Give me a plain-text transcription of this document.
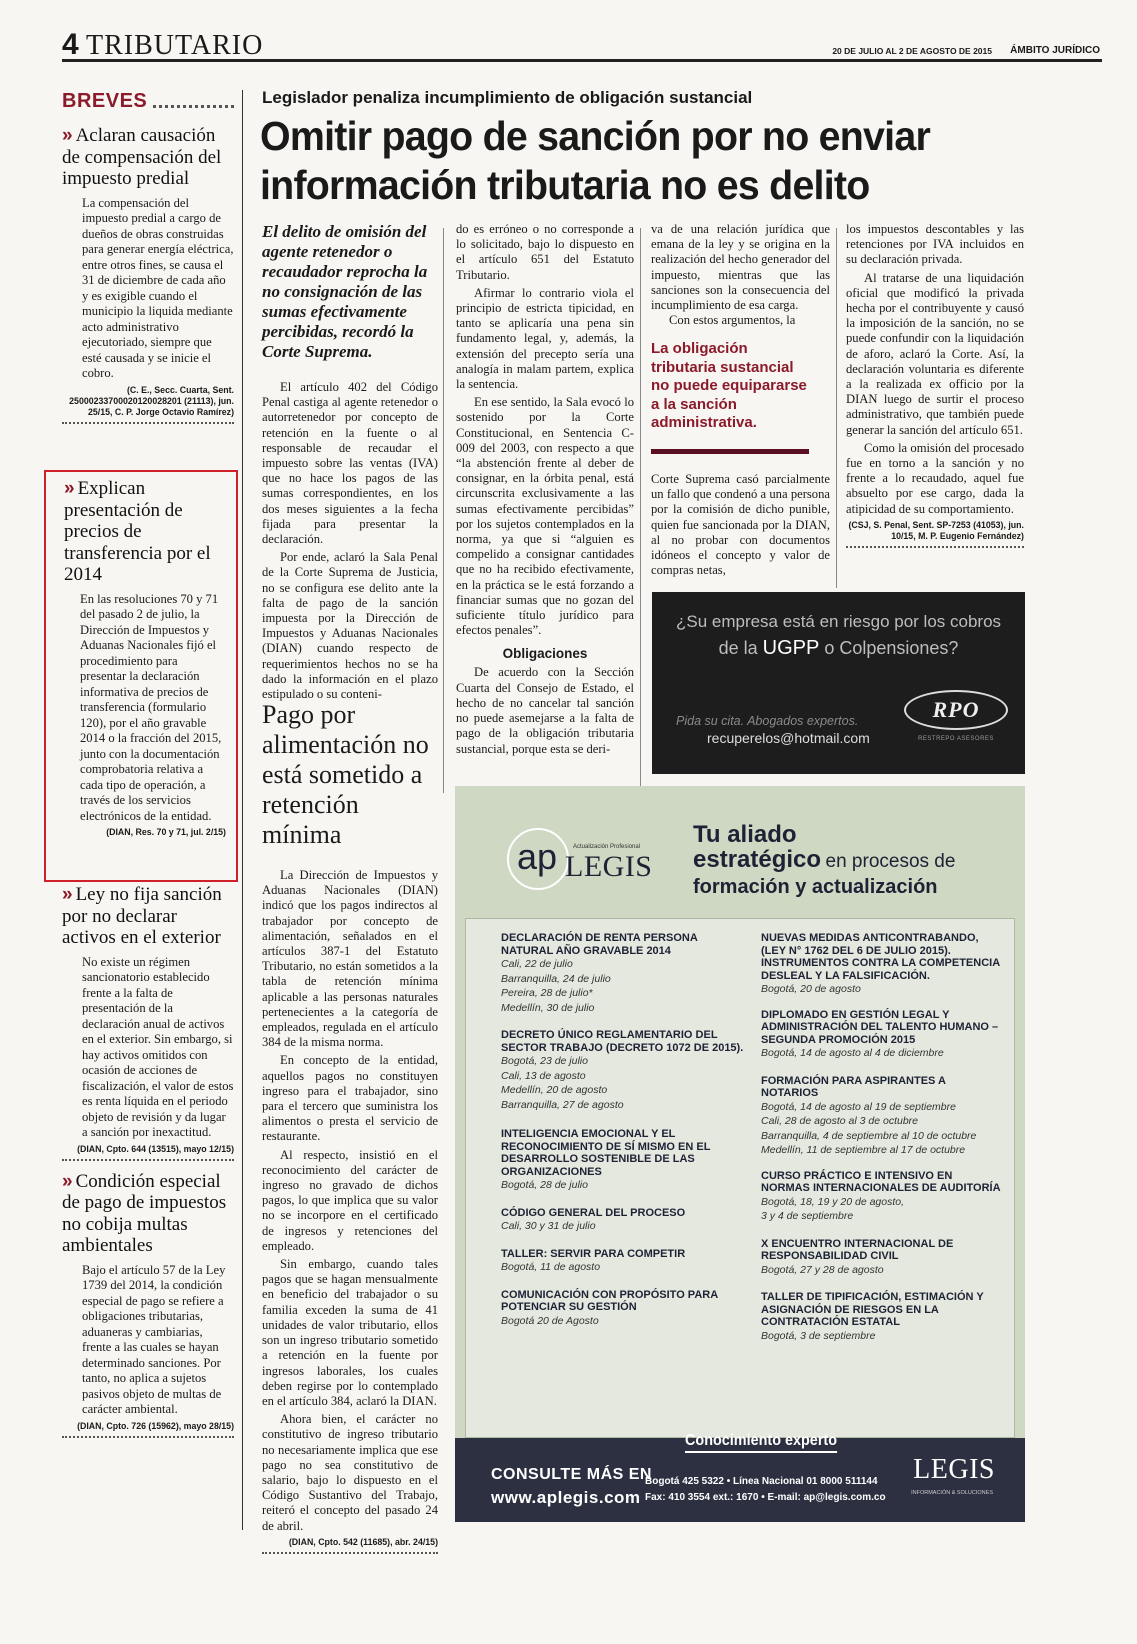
4 TRIBUTARIO	20 DE JULIO AL 2 DE AGOSTO DE 2015 ÁMBITO JURÍDICO
BREVES
» Aclaran causación de compensación del impuesto predial

La compensación del impuesto predial a cargo de dueños de obras construidas para generar energía eléctrica, entre otros fines, se causa el 31 de diciembre de cada año y es exigible cuando el municipio la liquida mediante acto administrativo ejecutoriado, siempre que esté causada y se inicie el cobro.

(C. E., Secc. Cuarta, Sent. 25000233700020120028201 (21113), jun. 25/15, C. P. Jorge Octavio Ramírez)
» Explican presentación de precios de transferencia por el 2014

En las resoluciones 70 y 71 del pasado 2 de julio, la Dirección de Impuestos y Aduanas Nacionales fijó el procedimiento para presentar la declaración informativa de precios de transferencia (formulario 120), por el año gravable 2014 o la fracción del 2015, junto con la documentación comprobatoria relativa a cada tipo de operación, a través de los servicios electrónicos de la entidad.

(DIAN, Res. 70 y 71, jul. 2/15)
» Ley no fija sanción por no declarar activos en el exterior

No existe un régimen sancionatorio establecido frente a la falta de presentación de la declaración anual de activos en el exterior. Sin embargo, si hay activos omitidos con ocasión de acciones de fiscalización, el valor de estos es renta líquida en el periodo objeto de revisión y da lugar a sanción por inexactitud.

(DIAN, Cpto. 644 (13515), mayo 12/15)
» Condición especial de pago de impuestos no cobija multas ambientales

Bajo el artículo 57 de la Ley 1739 del 2014, la condición especial de pago se refiere a obligaciones tributarias, aduaneras y cambiarias, frente a las cuales se hayan determinado sanciones. Por tanto, no aplica a sujetos pasivos objeto de multas de carácter ambiental.

(DIAN, Cpto. 726 (15962), mayo 28/15)
Legislador penaliza incumplimiento de obligación sustancial
Omitir pago de sanción por no enviar información tributaria no es delito

El delito de omisión del agente retenedor o recaudador reprocha la no consignación de las sumas efectivamente percibidas, recordó la Corte Suprema.

El artículo 402 del Código Penal castiga al agente retenedor o autorretenedor por concepto de retención en la fuente o al responsable de recaudar el impuesto sobre las ventas (IVA) que no hace los pagos de las sumas correspondientes, en los dos meses siguientes a la fecha fijada para presentar la declaración.

Por ende, aclaró la Sala Penal de la Corte Suprema de Justicia, no se configura ese delito ante la falta de pago de la sanción impuesta por la Dirección de Impuestos y Aduanas Nacionales (DIAN) cuando respecto de requerimientos hechos no se ha dado la información en el plazo estipulado o su conteni-

do es erróneo o no corresponde a lo solicitado, bajo lo dispuesto en el artículo 651 del Estatuto Tributario.

Afirmar lo contrario viola el principio de estricta tipicidad, en tanto se aplicaría una pena sin fundamento legal, y, además, la extensión del precepto sería una analogía in malam partem, explica la sentencia.

En ese sentido, la Sala evocó lo sostenido por la Corte Constitucional, en Sentencia C-009 del 2003, con respecto a que “la abstención frente al deber de consignar, en la órbita penal, está circunscrita exclusivamente a las sumas efectivamente percibidas” por los sujetos contemplados en la norma, ya que si “alguien es compelido a consignar cantidades que no ha recibido efectivamente, en la práctica se le está forzando a financiar sumas que no gozan del suficiente título jurídico para efectos penales”.

Obligaciones

De acuerdo con la Sección Cuarta del Consejo de Estado, el hecho de no cancelar tal sanción no puede asemejarse a la falta de pago de la obligación tributaria sustancial, porque esta se deri-

va de una relación jurídica que emana de la ley y se origina en la realización del hecho generador del impuesto, mientras que las sanciones son la consecuencia del incumplimiento de esa carga.

Con estos argumentos, la

La obligación tributaria sustancial no puede equipararse a la sanción administrativa.

Corte Suprema casó parcialmente un fallo que condenó a una persona por la comisión de dicho punible, quien fue sancionada por la DIAN, al no probar con documentos idóneos el concepto y valor de compras netas,

los impuestos descontables y las retenciones por IVA incluidos en su declaración privada.

Al tratarse de una liquidación oficial que modificó la privada hecha por el contribuyente y causó la imposición de la sanción, no se puede confundir con la liquidación de aforo, aclaró la Corte. Así, la declaración voluntaria es diferente a la realizada ex officio por la DIAN luego de surtir el proceso administrativo, que también puede generar la sanción del artículo 651.

Como la omisión del procesado fue en torno a la sanción y no frente a lo recaudado, aquel fue absuelto por ese cargo, dada la atipicidad de su comportamiento.

(CSJ, S. Penal, Sent. SP-7253 (41053), jun. 10/15, M. P. Eugenio Fernández)
Pago por alimentación no está sometido a retención mínima

La Dirección de Impuestos y Aduanas Nacionales (DIAN) indicó que los pagos indirectos al trabajador por concepto de alimentación, señalados en el artículos 387-1 del Estatuto Tributario, no están sometidos a la tabla de retención mínima aplicable a las personas naturales pertenecientes a la categoría de empleados, regulada en el artículo 384 de la misma norma.

En concepto de la entidad, aquellos pagos no constituyen ingreso para el trabajador, sino para el tercero que suministra los alimentos o presta el servicio de restaurante.

Al respecto, insistió en el reconocimiento del carácter de ingreso no gravado de dichos pagos, lo que implica que su valor no se incorpore en el certificado de ingresos y retenciones del empleado.

Sin embargo, cuando tales pagos que se hagan mensualmente en beneficio del trabajador o su familia exceden la suma de 41 unidades de valor tributario, ellos son un ingreso tributario sometido a retención en la fuente por ingresos laborales, los cuales deben regirse por lo contemplado en el artículo 384, aclaró la DIAN.

Ahora bien, el carácter no constitutivo de ingreso tributario no necesariamente implica que ese pago no sea constitutivo de salario, bajo lo dispuesto en el Código Sustantivo del Trabajo, reiteró el concepto del pasado 24 de abril.

(DIAN, Cpto. 542 (11685), abr. 24/15)
¿Su empresa está en riesgo por los cobros
de la UGPP o Colpensiones?
Pida su cita. Abogados expertos.
recuperelos@hotmail.com
RPO
RESTREPO ASESORES
ap	Actualización Profesional
LEGIS
Tu aliado
estratégico en procesos de
formación y actualización
DECLARACIÓN DE RENTA PERSONA NATURAL AÑO GRAVABLE 2014
Cali, 22 de julio
Barranquilla, 24 de julio
Pereira, 28 de julio*
Medellín, 30 de julio
DECRETO ÚNICO REGLAMENTARIO DEL SECTOR TRABAJO (DECRETO 1072 DE 2015).
Bogotá, 23 de julio
Cali, 13 de agosto
Medellín, 20 de agosto
Barranquilla, 27 de agosto
INTELIGENCIA EMOCIONAL Y EL RECONOCIMIENTO DE SÍ MISMO EN EL DESARROLLO SOSTENIBLE DE LAS ORGANIZACIONES
Bogotá, 28 de julio
CÓDIGO GENERAL DEL PROCESO
Cali, 30 y 31 de julio
TALLER: SERVIR PARA COMPETIR
Bogotá, 11 de agosto
COMUNICACIÓN CON PROPÓSITO PARA POTENCIAR SU GESTIÓN
Bogotá 20 de Agosto
NUEVAS MEDIDAS ANTICONTRABANDO, (LEY N° 1762 DEL 6 DE JULIO 2015). INSTRUMENTOS CONTRA LA COMPETENCIA DESLEAL Y LA FALSIFICACIÓN.
Bogotá, 20 de agosto
DIPLOMADO EN GESTIÓN LEGAL Y ADMINISTRACIÓN DEL TALENTO HUMANO – SEGUNDA PROMOCIÓN 2015
Bogotá, 14 de agosto al 4 de diciembre
FORMACIÓN PARA ASPIRANTES A NOTARIOS
Bogotá, 14 de agosto al 19 de septiembre
Cali, 28 de agosto al 3 de octubre
Barranquilla, 4 de septiembre al 10 de octubre
Medellín, 11 de septiembre al 17 de octubre
CURSO PRÁCTICO E INTENSIVO EN NORMAS INTERNACIONALES DE AUDITORÍA
Bogotá, 18, 19 y 20 de agosto,
3 y 4 de septiembre
X ENCUENTRO INTERNACIONAL DE RESPONSABILIDAD CIVIL
Bogotá, 27 y 28 de agosto
TALLER DE TIPIFICACIÓN, ESTIMACIÓN Y ASIGNACIÓN DE RIESGOS EN LA CONTRATACIÓN ESTATAL
Bogotá, 3 de septiembre
Conocimiento experto
CONSULTE MÁS EN
www.aplegis.com
Bogotá 425 5322 • Línea Nacional 01 8000 511144
Fax: 410 3554 ext.: 1670 • E-mail: ap@legis.com.co
LEGIS
INFORMACIÓN & SOLUCIONES
